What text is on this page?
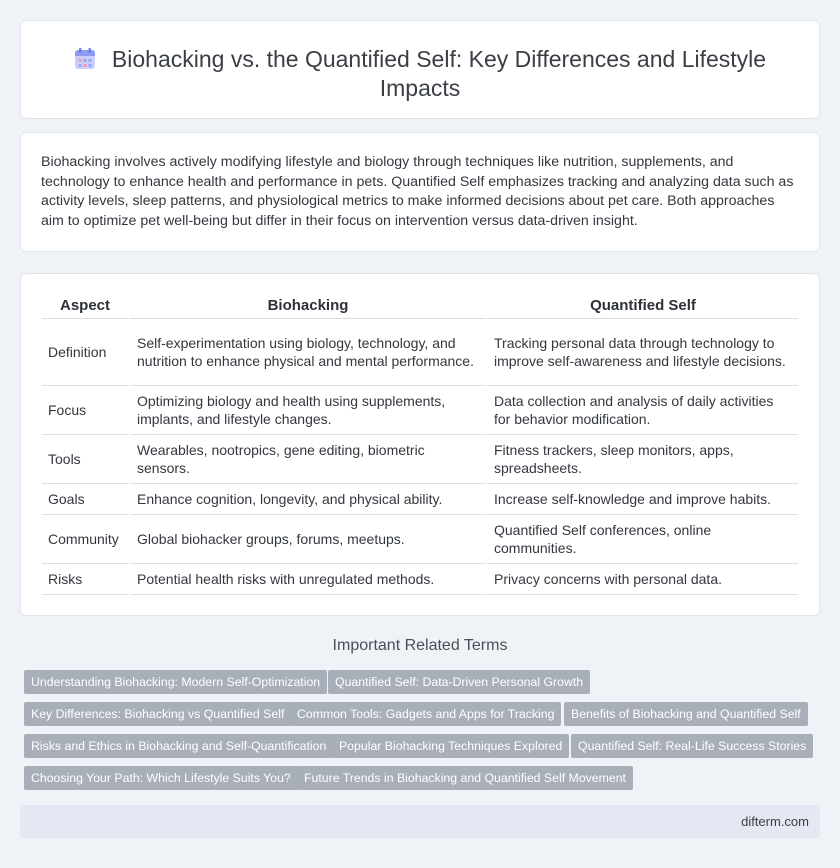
Biohacking vs. the Quantified Self: Key Differences and Lifestyle Impacts

Biohacking involves actively modifying lifestyle and biology through techniques like nutrition, supplements, and technology to enhance health and performance in pets. Quantified Self emphasizes tracking and analyzing data such as activity levels, sleep patterns, and physiological metrics to make informed decisions about pet care. Both approaches aim to optimize pet well-being but differ in their focus on intervention versus data-driven insight.

Aspect	Biohacking	Quantified Self
Definition	Self-experimentation using biology, technology, and nutrition to enhance physical and mental performance.	Tracking personal data through technology to improve self-awareness and lifestyle decisions.
Focus	Optimizing biology and health using supplements, implants, and lifestyle changes.	Data collection and analysis of daily activities for behavior modification.
Tools	Wearables, nootropics, gene editing, biometric sensors.	Fitness trackers, sleep monitors, apps, spreadsheets.
Goals	Enhance cognition, longevity, and physical ability.	Increase self-knowledge and improve habits.
Community	Global biohacker groups, forums, meetups.	Quantified Self conferences, online communities.
Risks	Potential health risks with unregulated methods.	Privacy concerns with personal data.
Important Related Terms
Understanding Biohacking: Modern Self-Optimization	Quantified Self: Data-Driven Personal Growth
Key Differences: Biohacking vs Quantified Self	Common Tools: Gadgets and Apps for Tracking	Benefits of Biohacking and Quantified Self
Risks and Ethics in Biohacking and Self-Quantification	Popular Biohacking Techniques Explored	Quantified Self: Real-Life Success Stories
Choosing Your Path: Which Lifestyle Suits You?	Future Trends in Biohacking and Quantified Self Movement
difterm.com
